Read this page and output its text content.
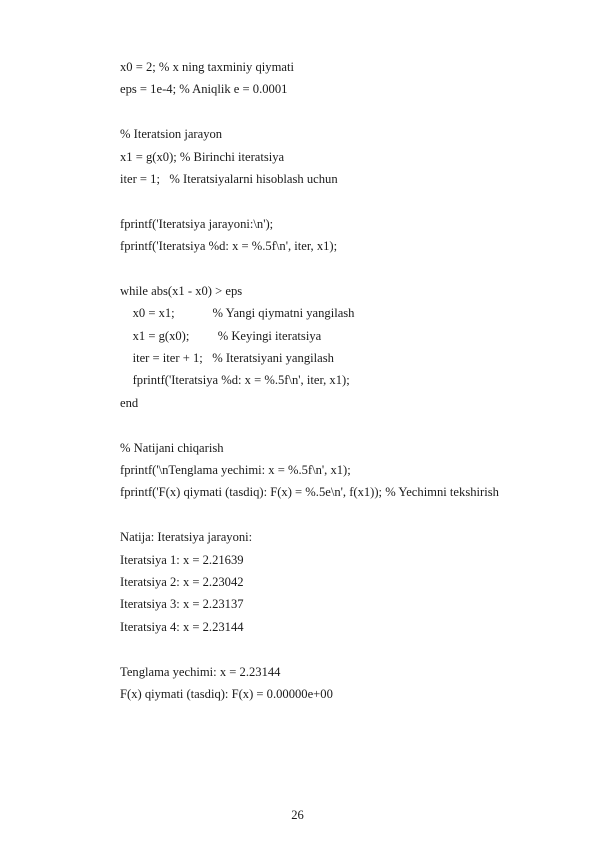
x0 = 2; % x ning taxminiy qiymati
eps = 1e-4; % Aniqlik e = 0.0001
% Iteratsion jarayon
x1 = g(x0); % Birinchi iteratsiya
iter = 1;   % Iteratsiyalarni hisoblash uchun
fprintf('Iteratsiya jarayoni:\n');
fprintf('Iteratsiya %d: x = %.5f\n', iter, x1);
while abs(x1 - x0) > eps
x0 = x1;            % Yangi qiymatni yangilash
x1 = g(x0);         % Keyingi iteratsiya
iter = iter + 1;   % Iteratsiyani yangilash
fprintf('Iteratsiya %d: x = %.5f\n', iter, x1);
end
% Natijani chiqarish
fprintf('\nTenglama yechimi: x = %.5f\n', x1);
fprintf('F(x) qiymati (tasdiq): F(x) = %.5e\n', f(x1)); % Yechimni tekshirish
Natija: Iteratsiya jarayoni:
Iteratsiya 1: x = 2.21639
Iteratsiya 2: x = 2.23042
Iteratsiya 3: x = 2.23137
Iteratsiya 4: x = 2.23144
Tenglama yechimi: x = 2.23144
F(x) qiymati (tasdiq): F(x) = 0.00000e+00
26
